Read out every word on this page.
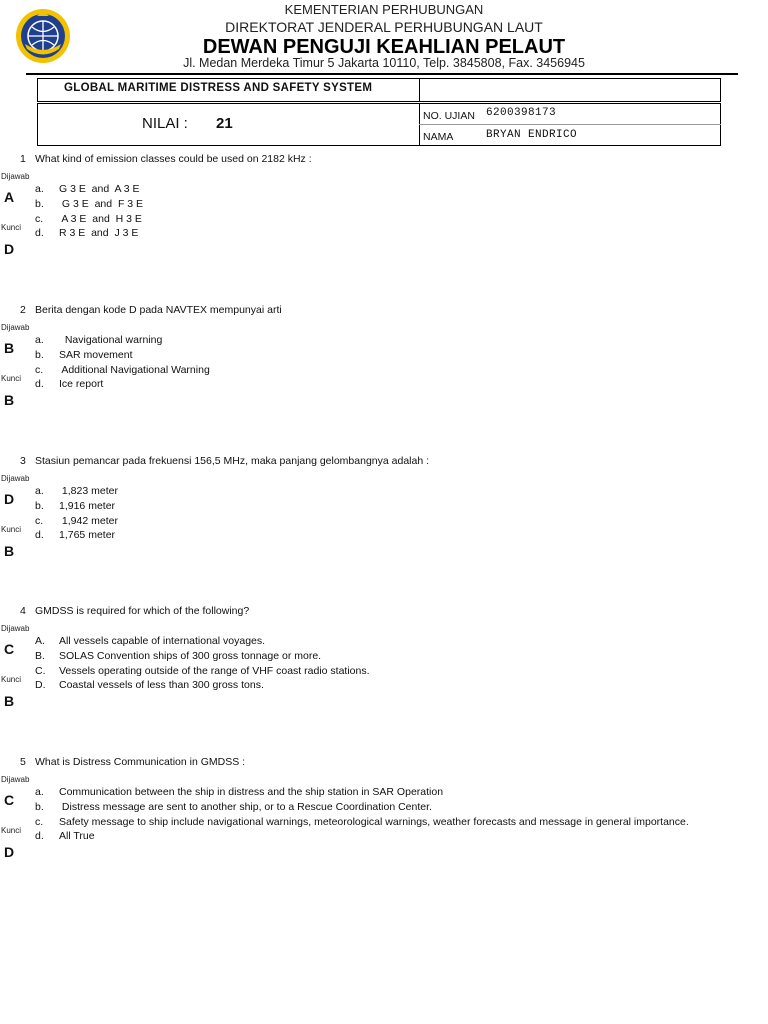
KEMENTERIAN PERHUBUNGAN
DIREKTORAT JENDERAL PERHUBUNGAN LAUT
DEWAN PENGUJI KEAHLIAN PELAUT
Jl. Medan Merdeka Timur 5 Jakarta 10110, Telp. 3845808, Fax. 3456945
GLOBAL MARITIME DISTRESS AND SAFETY SYSTEM
NILAI : 21	NO. UJIAN 6200398173
NAMA	BRYAN ENDRICO
1 What kind of emission classes could be used on 2182 kHz :
Dijawab
A
Kunci
D
a. G 3 E  and  A 3 E
b. G 3 E  and  F 3 E
c. A 3 E  and  H 3 E
d. R 3 E  and  J 3 E
2 Berita dengan kode D pada NAVTEX mempunyai arti
Dijawab
B
Kunci
B
a.  Navigational warning
b. SAR movement
c. Additional Navigational Warning
d. Ice report
3 Stasiun pemancar pada frekuensi 156,5 MHz, maka panjang gelombangnya adalah :
Dijawab
D
Kunci
B
a. 1,823 meter
b. 1,916 meter
c. 1,942 meter
d. 1,765 meter
4 GMDSS is required for which of the following?
Dijawab
C
Kunci
B
A. All vessels capable of international voyages.
B. SOLAS Convention ships of 300 gross tonnage or more.
C. Vessels operating outside of the range of VHF coast radio stations.
D. Coastal vessels of less than 300 gross tons.
5 What is Distress Communication in GMDSS :
Dijawab
C
Kunci
D
a. Communication between the ship in distress and the ship station in SAR Operation
b. Distress message are sent to another ship, or to a Rescue Coordination Center.
c. Safety message to ship include navigational warnings, meteorological warnings, weather forecasts and message in general importance.
d. All True
